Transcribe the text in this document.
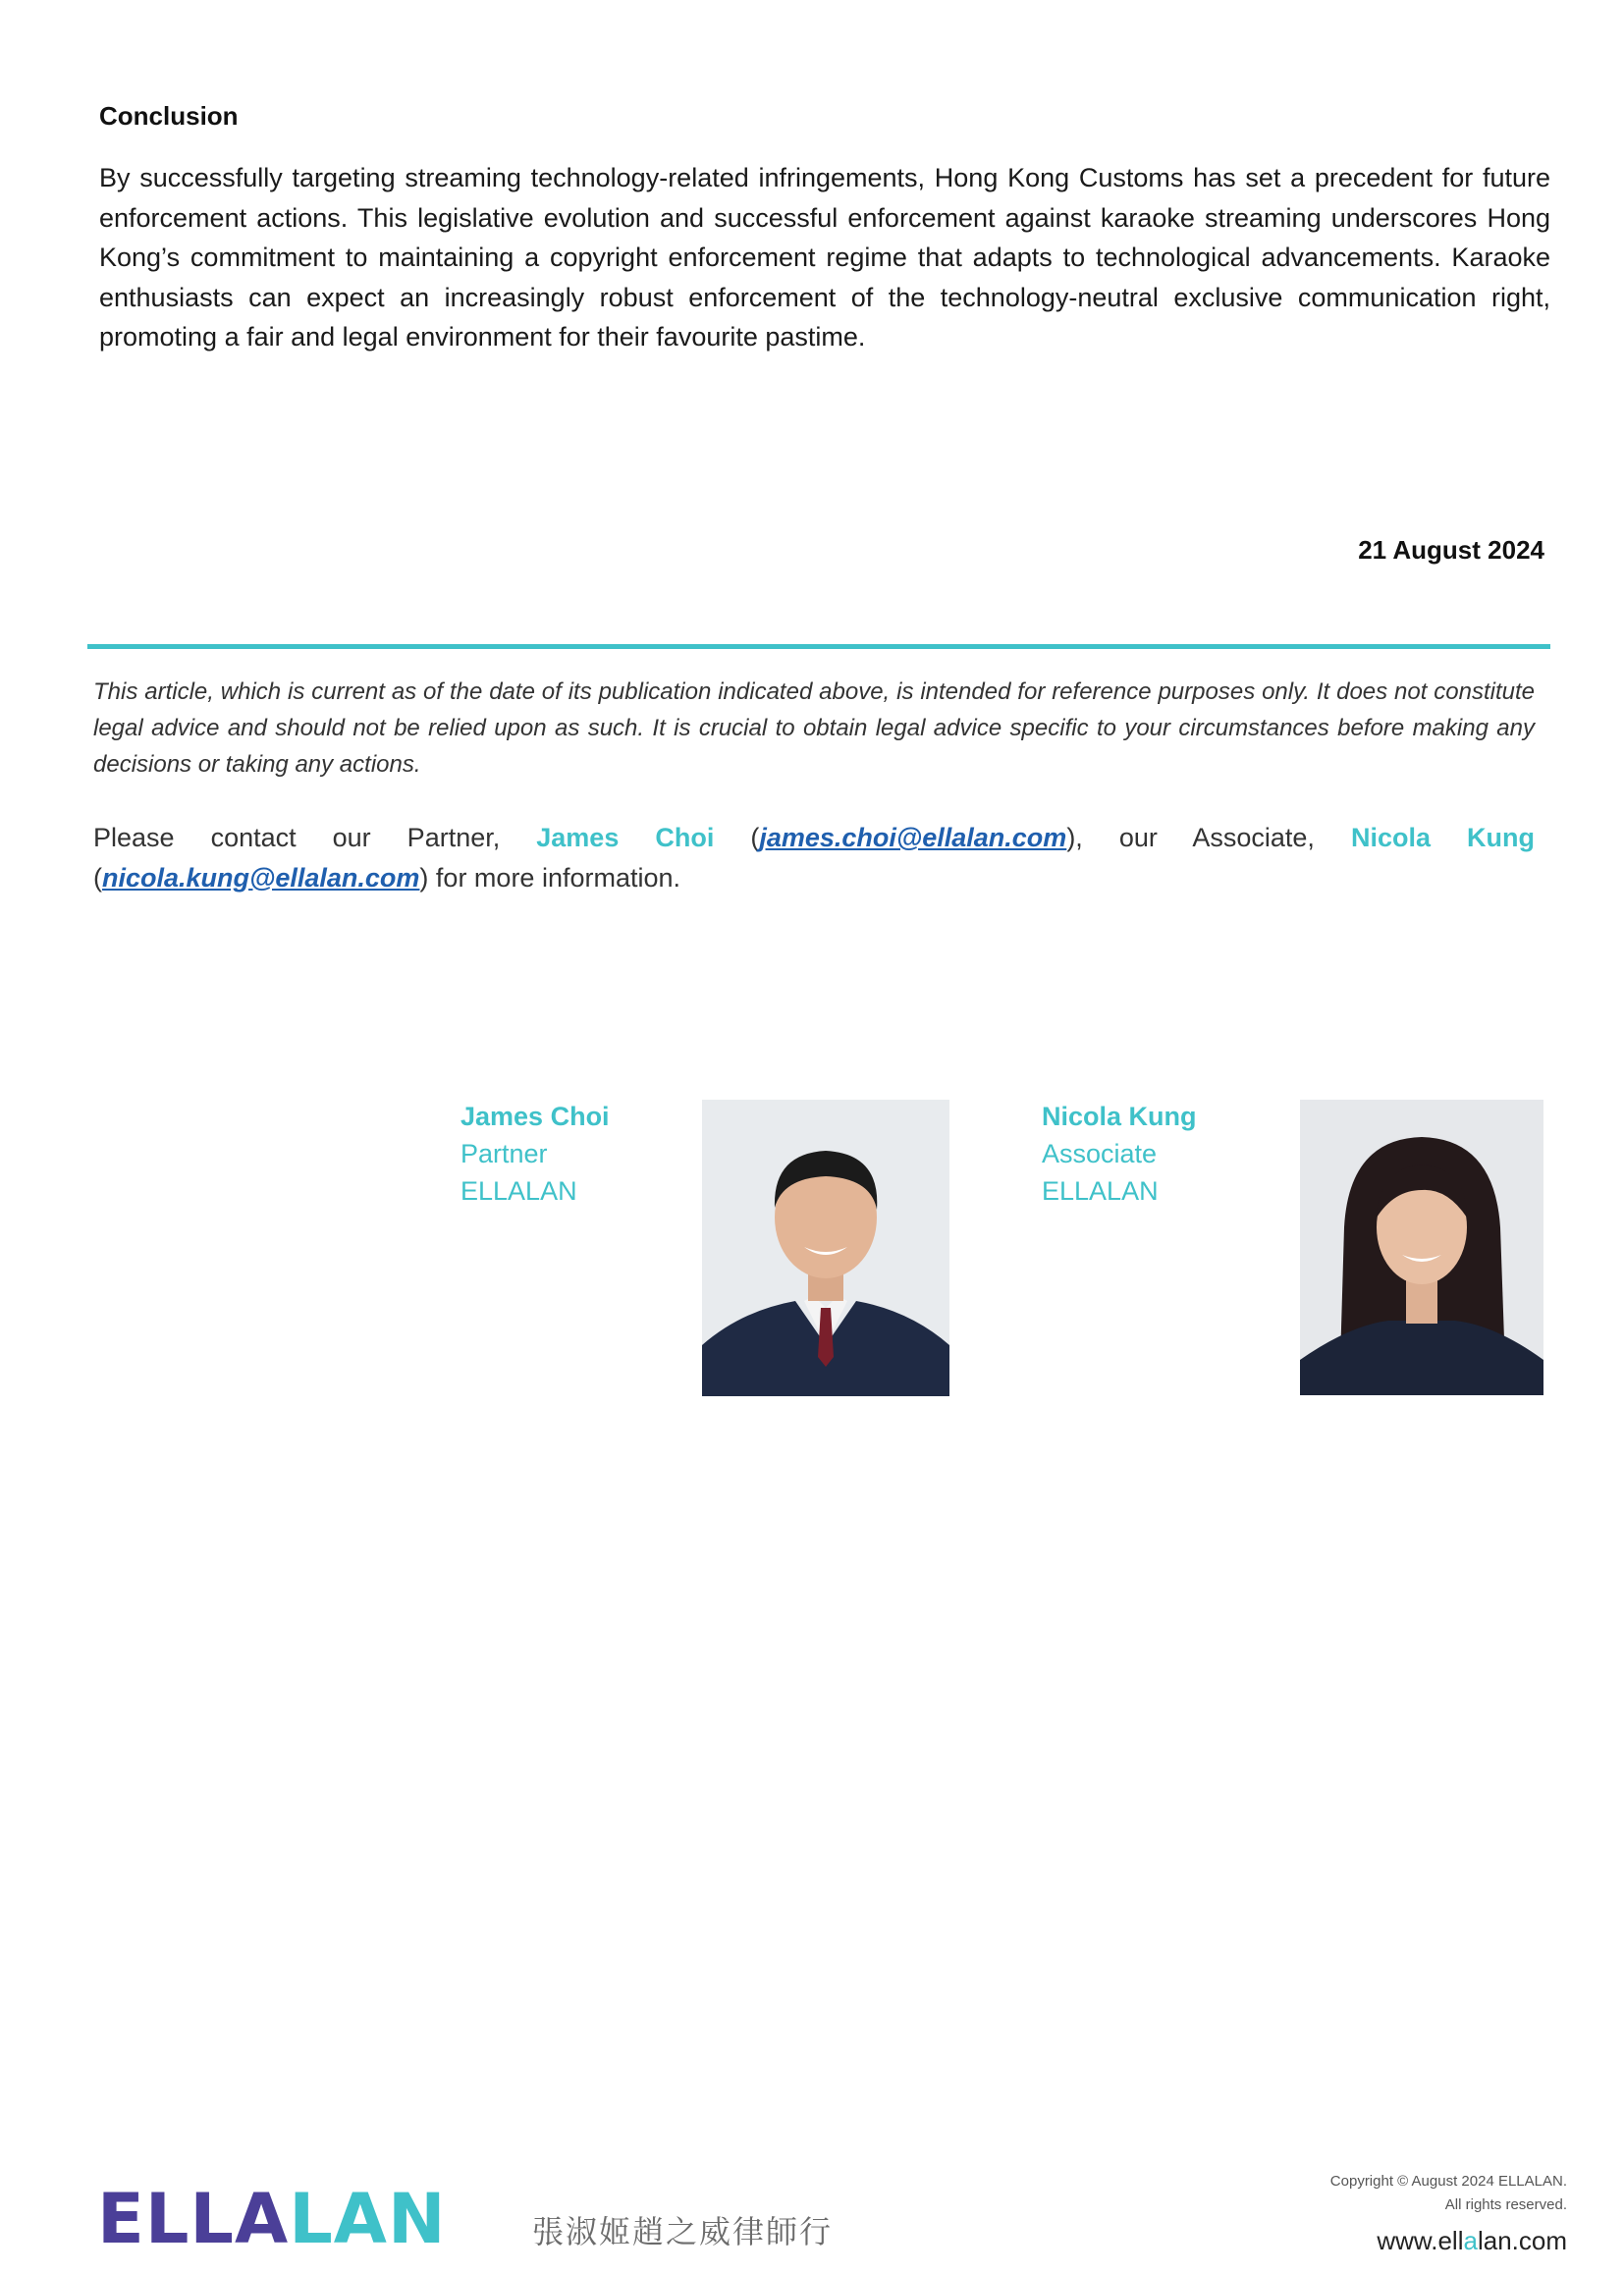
Conclusion
By successfully targeting streaming technology-related infringements, Hong Kong Customs has set a precedent for future enforcement actions. This legislative evolution and successful enforcement against karaoke streaming underscores Hong Kong’s commitment to maintaining a copyright enforcement regime that adapts to technological advancements. Karaoke enthusiasts can expect an increasingly robust enforcement of the technology-neutral exclusive communication right, promoting a fair and legal environment for their favourite pastime.
21 August 2024
This article, which is current as of the date of its publication indicated above, is intended for reference purposes only. It does not constitute legal advice and should not be relied upon as such. It is crucial to obtain legal advice specific to your circumstances before making any decisions or taking any actions.
Please contact our Partner, James Choi (james.choi@ellalan.com), our Associate, Nicola Kung
(nicola.kung@ellalan.com) for more information.
James Choi
Partner
ELLALAN
Nicola Kung
Associate
ELLALAN
ELLALAN	張淑姬趙之威律師行
Copyright © August 2024 ELLALAN.
All rights reserved.
www.ellalan.com
